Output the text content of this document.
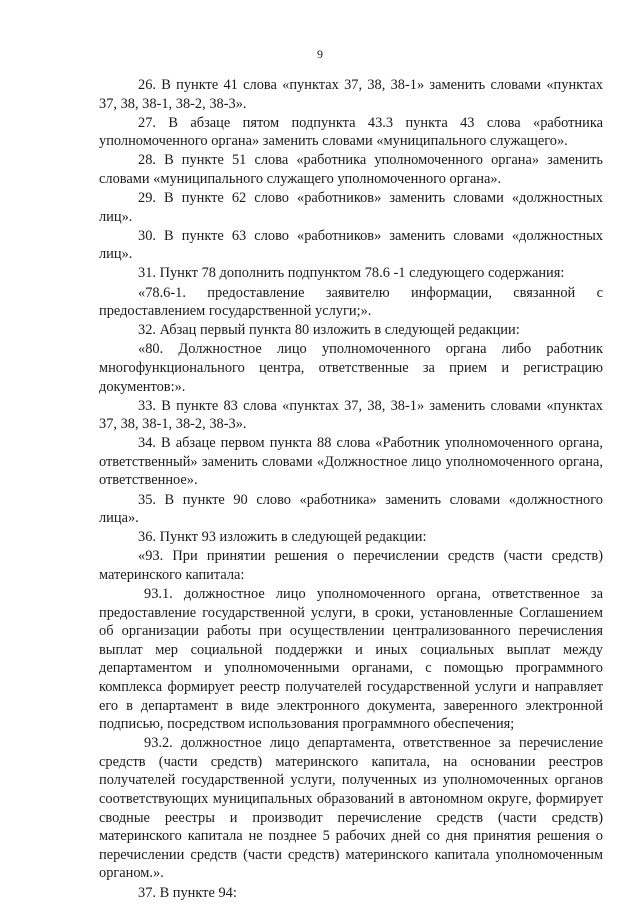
9

26. В пункте 41 слова «пунктах 37, 38, 38-1» заменить словами «пунктах 37, 38, 38-1, 38-2, 38-3».

27. В абзаце пятом подпункта 43.3 пункта 43 слова «работника уполномоченного органа» заменить словами «муниципального служащего».

28. В пункте 51 слова «работника уполномоченного органа» заменить словами «муниципального служащего уполномоченного органа».

29. В пункте 62 слово «работников» заменить словами «должностных лиц».

30. В пункте 63 слово «работников» заменить словами «должностных лиц».

31. Пункт 78 дополнить подпунктом 78.6 -1 следующего содержания:

«78.6-1. предоставление заявителю информации, связанной с предоставлением государственной услуги;».

32. Абзац первый пункта 80 изложить в следующей редакции:

«80. Должностное лицо уполномоченного органа либо работник многофункционального центра, ответственные за прием и регистрацию документов:».

33. В пункте 83 слова «пунктах 37, 38, 38-1» заменить словами «пунктах 37, 38, 38-1, 38-2, 38-3».

34. В абзаце первом пункта 88 слова «Работник уполномоченного органа, ответственный» заменить словами «Должностное лицо уполномоченного органа, ответственное».

35. В пункте 90 слово «работника» заменить словами «должностного лица».

36. Пункт 93 изложить в следующей редакции:

«93. При принятии решения о перечислении средств (части средств) материнского капитала:

93.1. должностное лицо уполномоченного органа, ответственное за предоставление государственной услуги, в сроки, установленные Соглашением об организации работы при осуществлении централизованного перечисления выплат мер социальной поддержки и иных социальных выплат между департаментом и уполномоченными органами, с помощью программного комплекса формирует реестр получателей государственной услуги и направляет его в департамент в виде электронного документа, заверенного электронной подписью, посредством использования программного обеспечения;

93.2. должностное лицо департамента, ответственное за перечисление средств (части средств) материнского капитала, на основании реестров получателей государственной услуги, полученных из уполномоченных органов соответствующих муниципальных образований в автономном округе, формирует сводные реестры и производит перечисление средств (части средств) материнского капитала не позднее 5 рабочих дней со дня принятия решения о перечислении средств (части средств) материнского капитала уполномоченным органом.».

37. В пункте 94:
